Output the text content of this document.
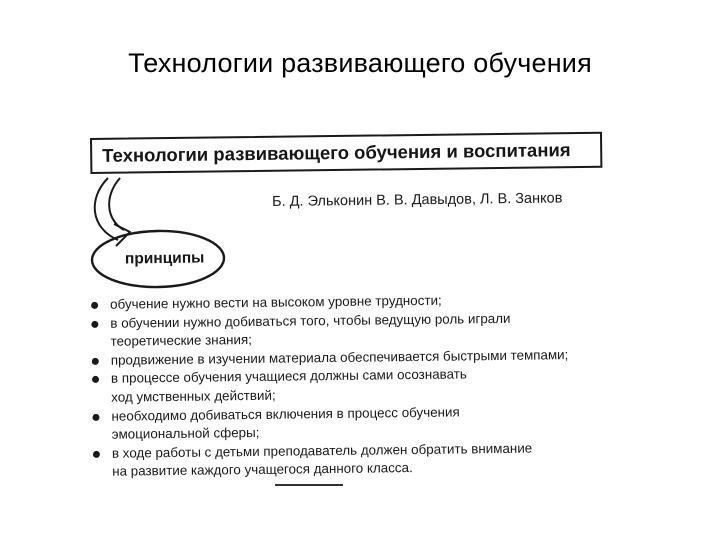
Технологии развивающего обучения
Технологии развивающего обучения и воспитания
Б. Д. Эльконин В. В. Давыдов, Л. В. Занков
принципы
обучение нужно вести на высоком уровне трудности;
в обучении нужно добиваться того, чтобы ведущую роль играли
теоретические знания;
продвижение в изучении материала обеспечивается быстрыми темпами;
в процессе обучения учащиеся должны сами осознавать
ход умственных действий;
необходимо добиваться включения в процесс обучения
эмоциональной сферы;
в ходе работы с детьми преподаватель должен обратить внимание
на развитие каждого учащегося данного класса.
